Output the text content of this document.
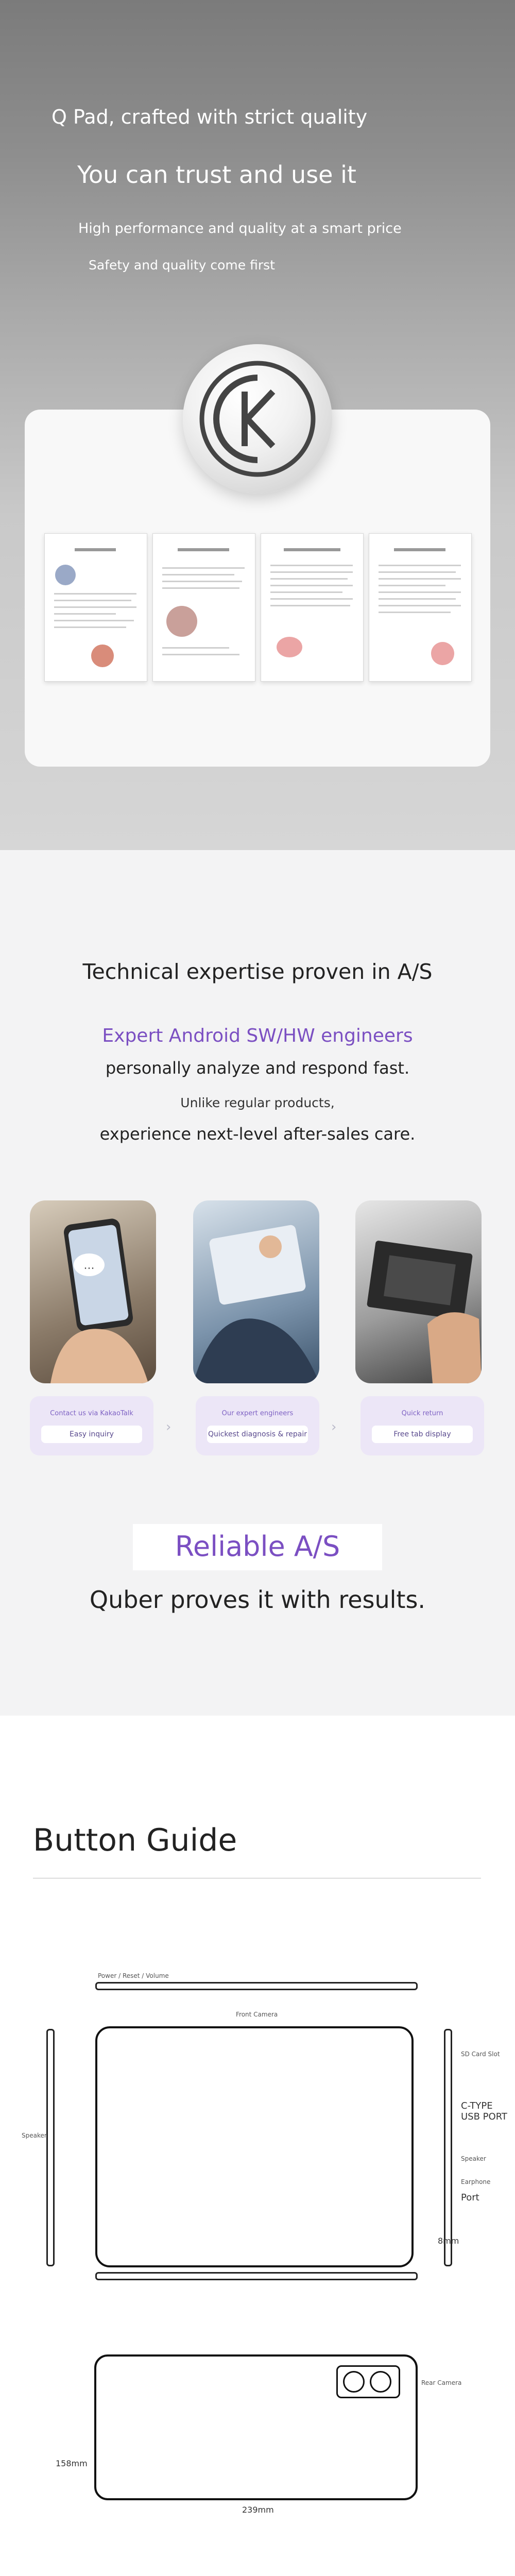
Q Pad, crafted with strict quality
You can trust and use it
High performance and quality at a smart price
Safety and quality come first
Technical expertise proven in A/S
Expert Android SW/HW engineers
personally analyze and respond fast.
Unlike regular products,
experience next-level after-sales care.
...
Contact us via KakaoTalk
Easy inquiry	›
Our expert engineers
Quickest diagnosis & repair ›
Quick return
Free tab display
Reliable A/S
Quber proves it with results.
Button Guide
Power / Reset / Volume
Front Camera
Speaker
SD Card Slot
C-TYPE
USB PORT
Speaker
Earphone
Port
8mm
Rear Camera
158mm
239mm
